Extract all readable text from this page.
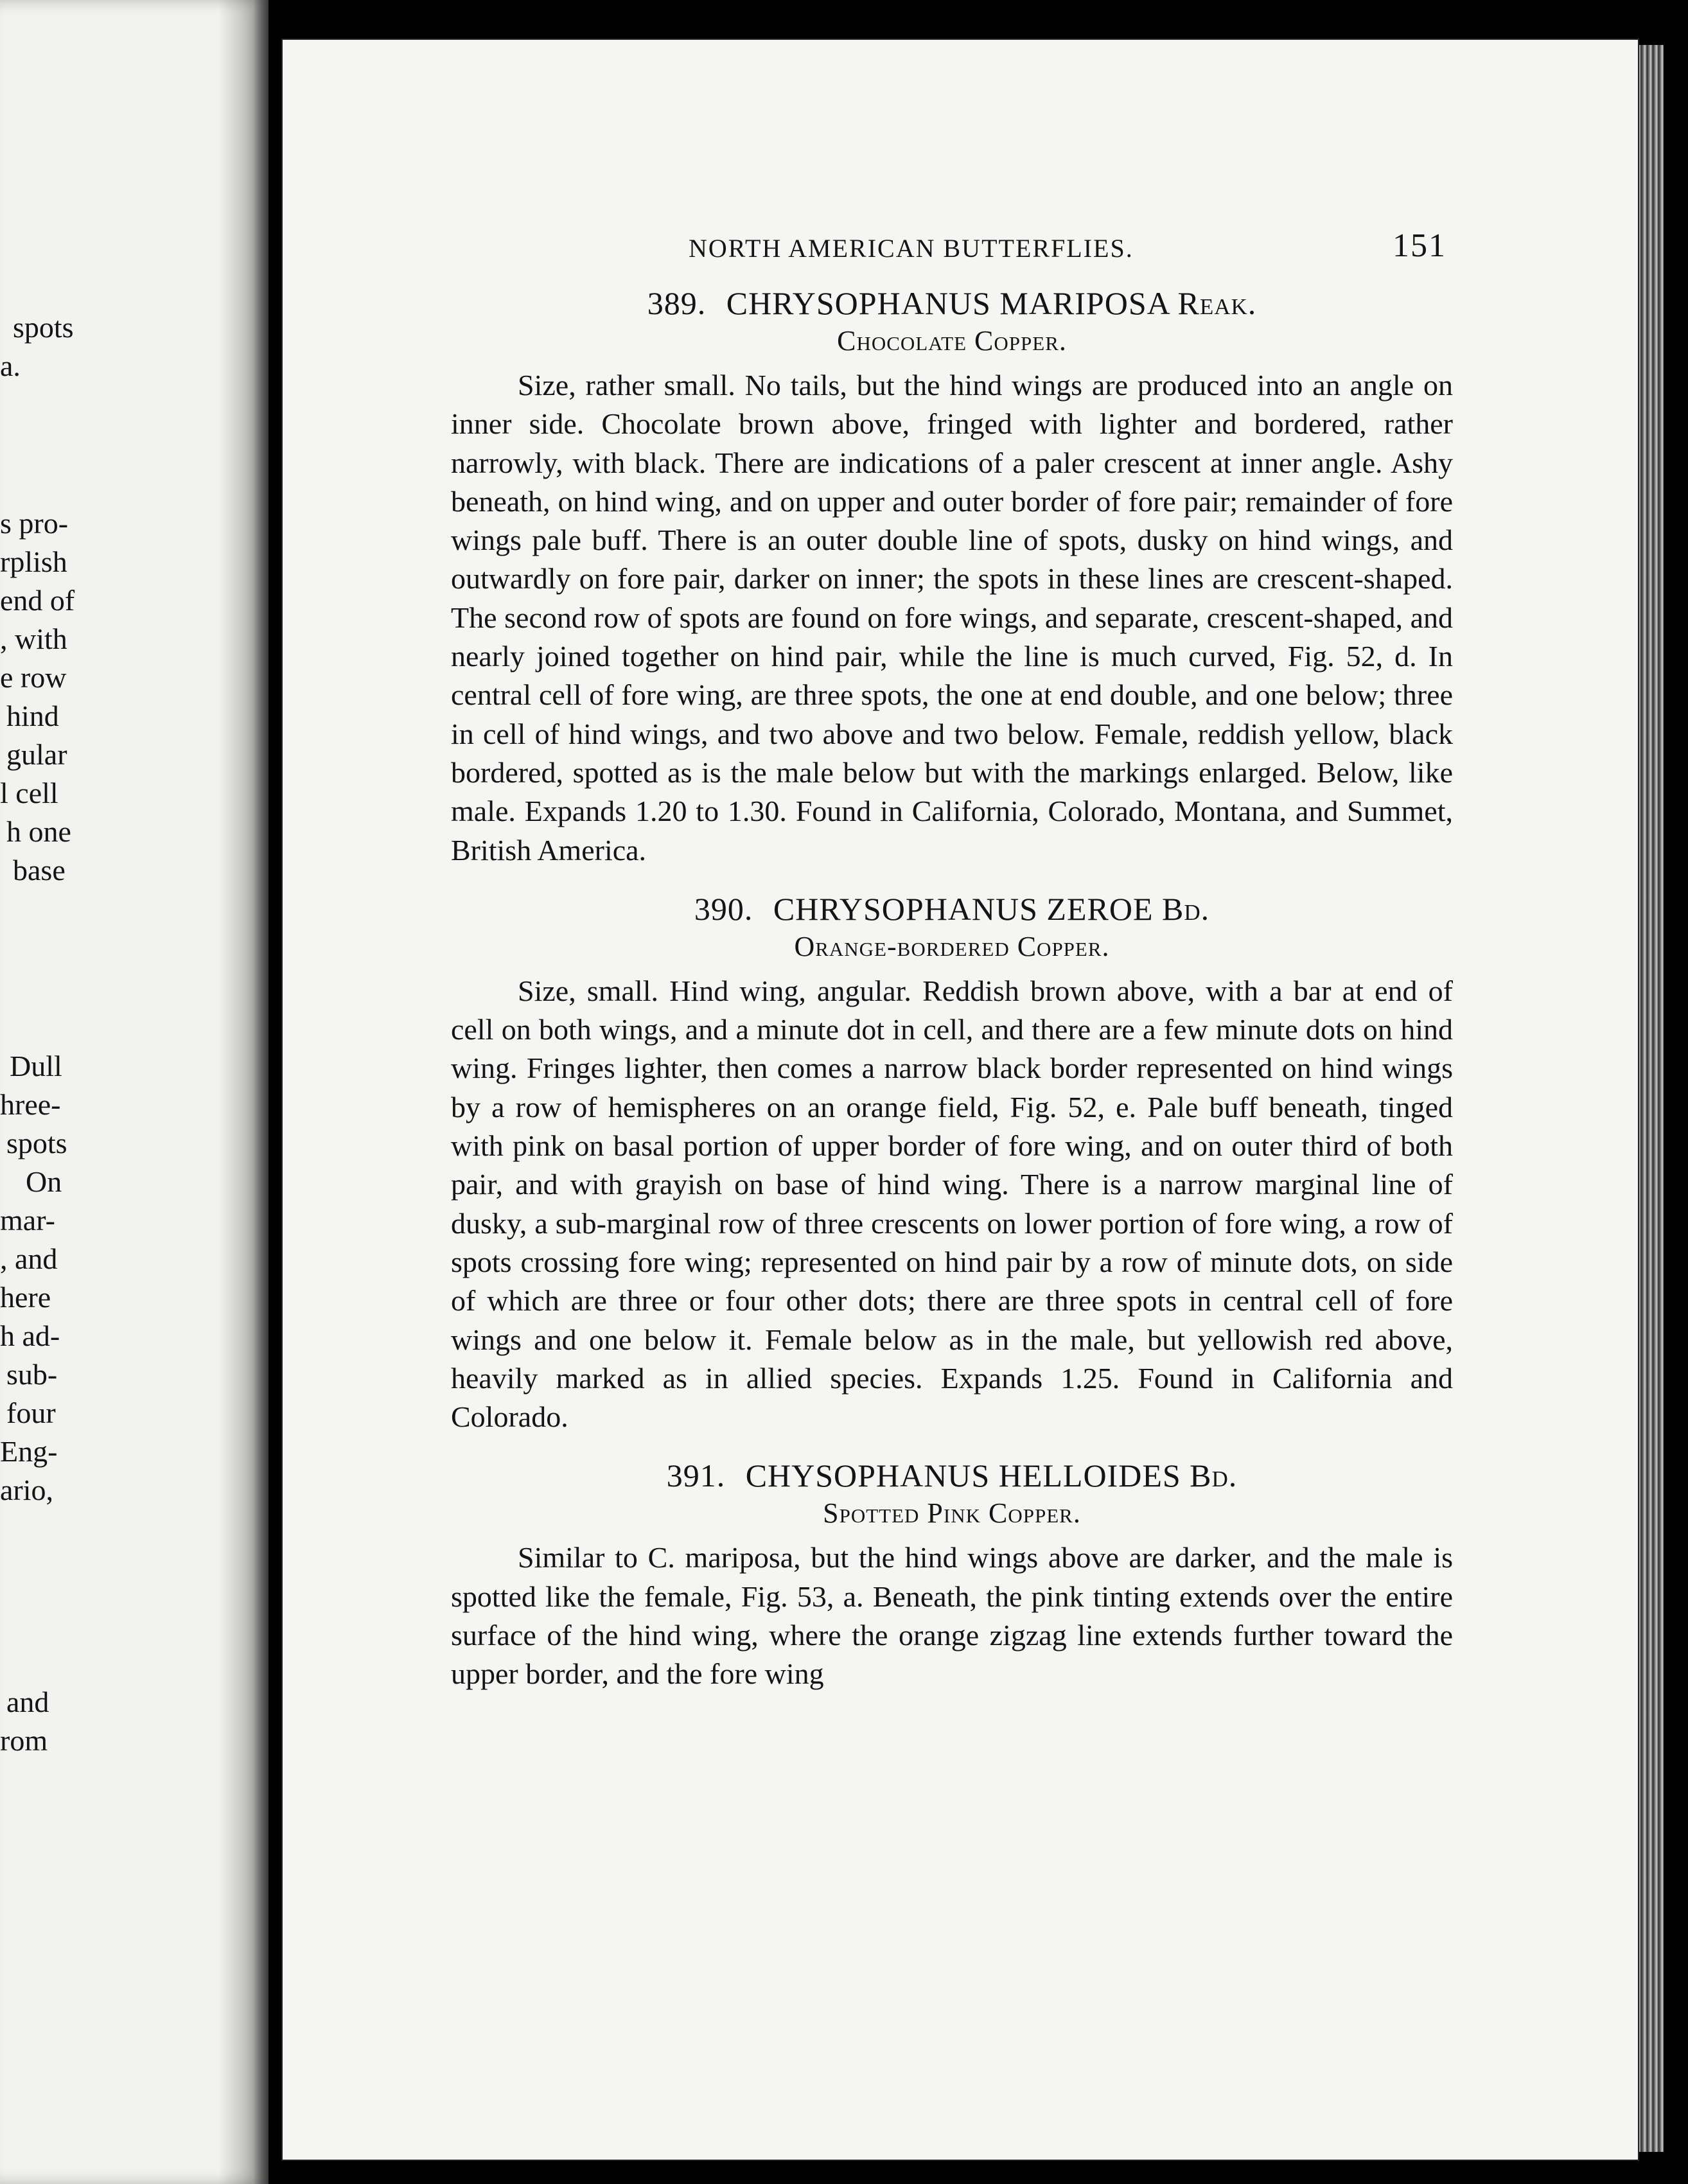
spots
a.
s pro-
rplish
end of
, with
e row
hind
gular
l cell
h one
base
Dull
hree-
spots
On
mar-
, and
here
h ad-
sub-
four
Eng-
ario,
and
rom
NORTH AMERICAN BUTTERFLIES.	151
389. CHRYSOPHANUS MARIPOSA Reak.
Chocolate Copper.

Size, rather small. No tails, but the hind wings are produced into an angle on inner side. Chocolate brown above, fringed with lighter and bordered, rather narrowly, with black. There are indications of a paler crescent at inner angle. Ashy beneath, on hind wing, and on upper and outer border of fore pair; remainder of fore wings pale buff. There is an outer double line of spots, dusky on hind wings, and outwardly on fore pair, darker on inner; the spots in these lines are crescent-shaped. The second row of spots are found on fore wings, and separate, crescent-shaped, and nearly joined together on hind pair, while the line is much curved, Fig. 52, d. In central cell of fore wing, are three spots, the one at end double, and one below; three in cell of hind wings, and two above and two below. Female, reddish yellow, black bordered, spotted as is the male below but with the markings enlarged. Below, like male. Expands 1.20 to 1.30. Found in California, Colorado, Montana, and Summet, British America.

390. CHRYSOPHANUS ZEROE Bd.
Orange-bordered Copper.

Size, small. Hind wing, angular. Reddish brown above, with a bar at end of cell on both wings, and a minute dot in cell, and there are a few minute dots on hind wing. Fringes lighter, then comes a narrow black border represented on hind wings by a row of hemispheres on an orange field, Fig. 52, e. Pale buff beneath, tinged with pink on basal portion of upper border of fore wing, and on outer third of both pair, and with grayish on base of hind wing. There is a narrow marginal line of dusky, a sub-marginal row of three crescents on lower portion of fore wing, a row of spots crossing fore wing; represented on hind pair by a row of minute dots, on side of which are three or four other dots; there are three spots in central cell of fore wings and one below it. Female below as in the male, but yellowish red above, heavily marked as in allied species. Expands 1.25. Found in California and Colorado.

391. CHYSOPHANUS HELLOIDES Bd.
Spotted Pink Copper.

Similar to C. mariposa, but the hind wings above are darker, and the male is spotted like the female, Fig. 53, a. Beneath, the pink tinting extends over the entire surface of the hind wing, where the orange zigzag line extends further toward the upper border, and the fore wing
